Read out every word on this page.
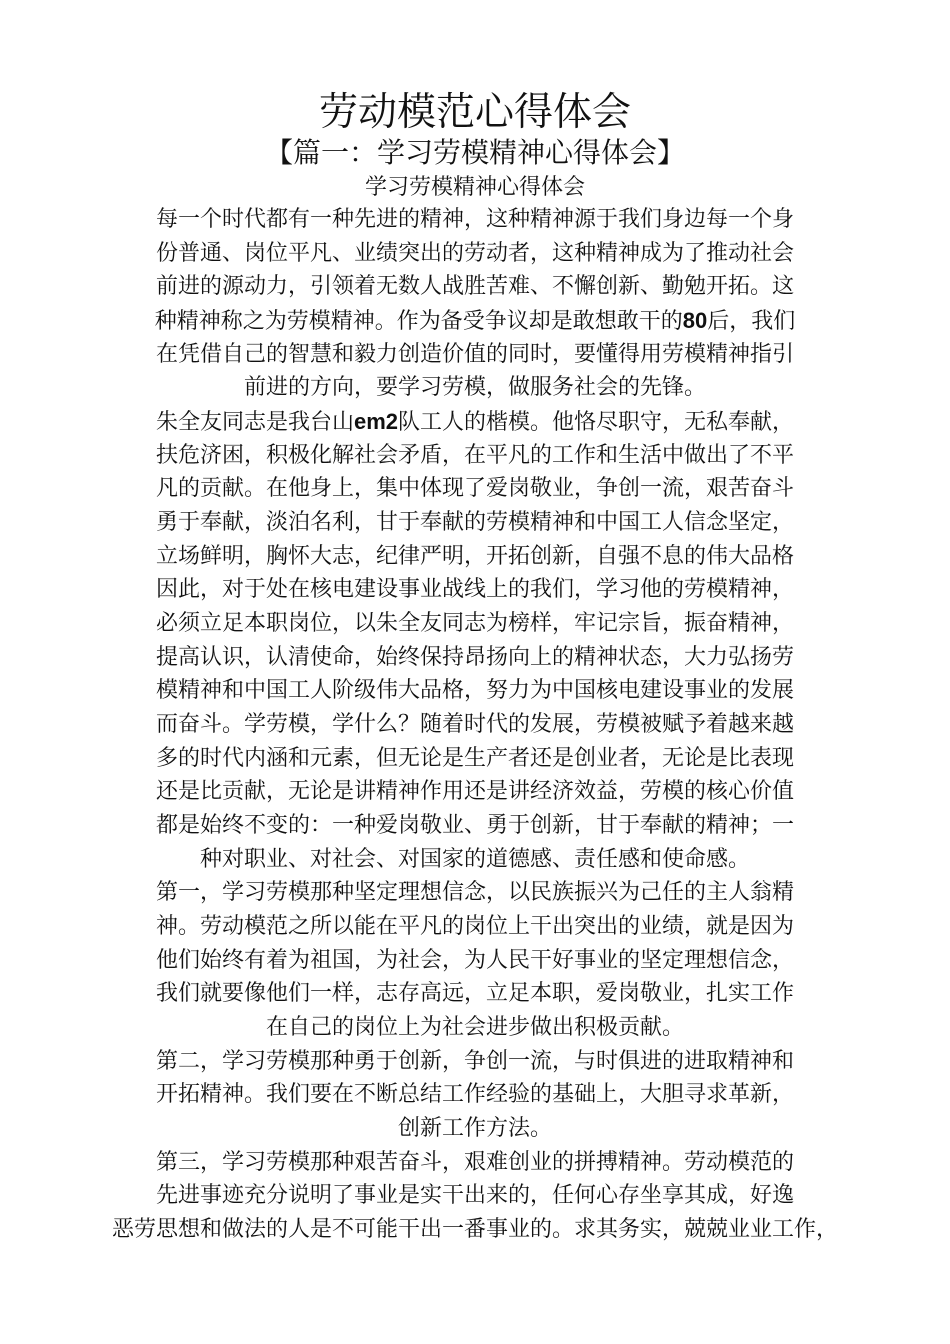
劳动模范心得体会
【篇一：学习劳模精神心得体会】
学习劳模精神心得体会
每一个时代都有一种先进的精神，这种精神源于我们身边每一个身
份普通、岗位平凡、业绩突出的劳动者，这种精神成为了推动社会
前进的源动力，引领着无数人战胜苦难、不懈创新、勤勉开拓。这
种精神称之为劳模精神。作为备受争议却是敢想敢干的80后，我们
在凭借自己的智慧和毅力创造价值的同时，要懂得用劳模精神指引
前进的方向，要学习劳模，做服务社会的先锋。
朱全友同志是我台山em2队工人的楷模。他恪尽职守，无私奉献，
扶危济困，积极化解社会矛盾，在平凡的工作和生活中做出了不平
凡的贡献。在他身上，集中体现了爱岗敬业，争创一流，艰苦奋斗
勇于奉献，淡泊名利，甘于奉献的劳模精神和中国工人信念坚定，
立场鲜明，胸怀大志，纪律严明，开拓创新，自强不息的伟大品格
因此，对于处在核电建设事业战线上的我们，学习他的劳模精神，
必须立足本职岗位，以朱全友同志为榜样，牢记宗旨，振奋精神，
提高认识，认清使命，始终保持昂扬向上的精神状态，大力弘扬劳
模精神和中国工人阶级伟大品格，努力为中国核电建设事业的发展
而奋斗。学劳模，学什么？随着时代的发展，劳模被赋予着越来越
多的时代内涵和元素，但无论是生产者还是创业者，无论是比表现
还是比贡献，无论是讲精神作用还是讲经济效益，劳模的核心价值
都是始终不变的：一种爱岗敬业、勇于创新，甘于奉献的精神；一
种对职业、对社会、对国家的道德感、责任感和使命感。
第一，学习劳模那种坚定理想信念，以民族振兴为己任的主人翁精
神。劳动模范之所以能在平凡的岗位上干出突出的业绩，就是因为
他们始终有着为祖国，为社会，为人民干好事业的坚定理想信念，
我们就要像他们一样，志存高远，立足本职，爱岗敬业，扎实工作
在自己的岗位上为社会进步做出积极贡献。
第二，学习劳模那种勇于创新，争创一流，与时俱进的进取精神和
开拓精神。我们要在不断总结工作经验的基础上，大胆寻求革新，
创新工作方法。
第三，学习劳模那种艰苦奋斗，艰难创业的拼搏精神。劳动模范的
先进事迹充分说明了事业是实干出来的，任何心存坐享其成，好逸
恶劳思想和做法的人是不可能干出一番事业的。求其务实，兢兢业业工作，
